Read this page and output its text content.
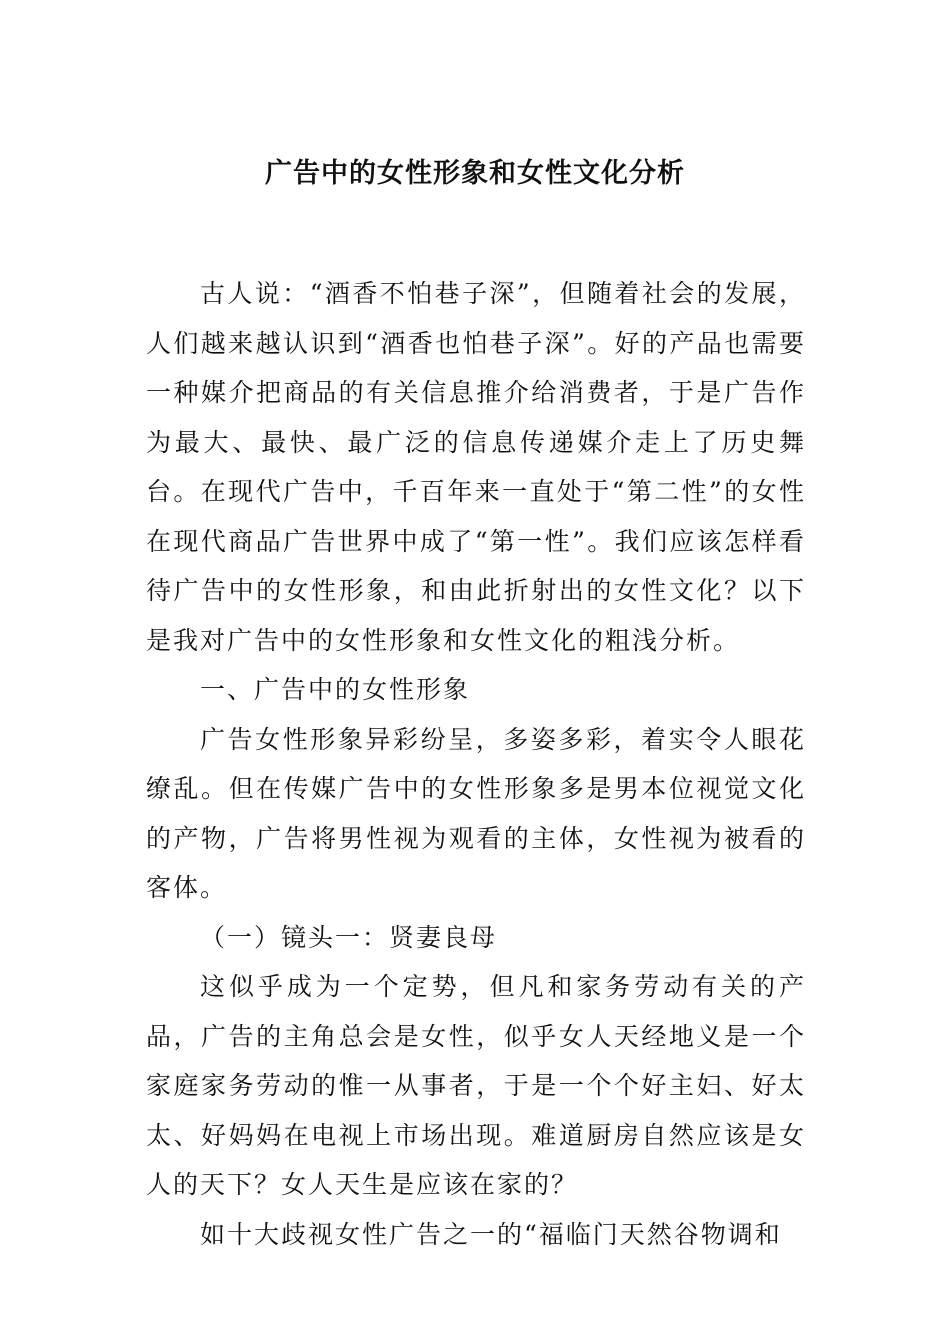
广告中的女性形象和女性文化分析

古人说：“酒香不怕巷子深”，但随着社会的发展，人们越来越认识到“酒香也怕巷子深”。好的产品也需要一种媒介把商品的有关信息推介给消费者，于是广告作为最大、最快、最广泛的信息传递媒介走上了历史舞台。在现代广告中，千百年来一直处于“第二性”的女性在现代商品广告世界中成了“第一性”。我们应该怎样看待广告中的女性形象，和由此折射出的女性文化？以下是我对广告中的女性形象和女性文化的粗浅分析。

一、广告中的女性形象

广告女性形象异彩纷呈，多姿多彩，着实令人眼花缭乱。但在传媒广告中的女性形象多是男本位视觉文化的产物，广告将男性视为观看的主体，女性视为被看的客体。

（一）镜头一：贤妻良母

这似乎成为一个定势，但凡和家务劳动有关的产品，广告的主角总会是女性，似乎女人天经地义是一个家庭家务劳动的惟一从事者，于是一个个好主妇、好太太、好妈妈在电视上市场出现。难道厨房自然应该是女人的天下？女人天生是应该在家的？

如十大歧视女性广告之一的“福临门天然谷物调和
